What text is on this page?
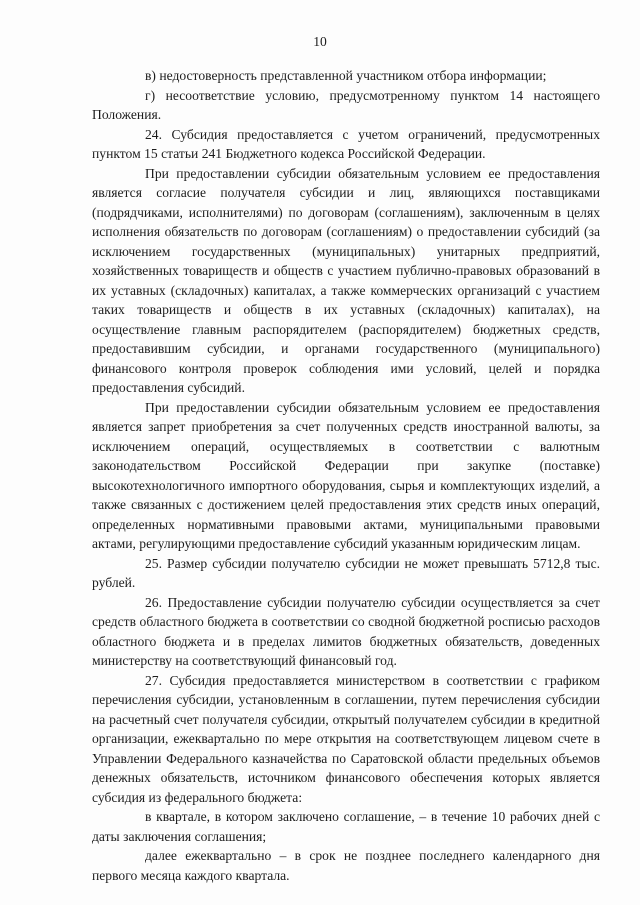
10

в) недостоверность представленной участником отбора информации;

г) несоответствие условию, предусмотренному пунктом 14 настоящего Положения.

24. Субсидия предоставляется с учетом ограничений, предусмотренных пунктом 15 статьи 241 Бюджетного кодекса Российской Федерации.

При предоставлении субсидии обязательным условием ее предоставления является согласие получателя субсидии и лиц, являющихся поставщиками (подрядчиками, исполнителями) по договорам (соглашениям), заключенным в целях исполнения обязательств по договорам (соглашениям) о предоставлении субсидий (за исключением государственных (муниципальных) унитарных предприятий, хозяйственных товариществ и обществ с участием публично-правовых образований в их уставных (складочных) капиталах, а также коммерческих организаций с участием таких товариществ и обществ в их уставных (складочных) капиталах), на осуществление главным распорядителем (распорядителем) бюджетных средств, предоставившим субсидии, и органами государственного (муниципального) финансового контроля проверок соблюдения ими условий, целей и порядка предоставления субсидий.

При предоставлении субсидии обязательным условием ее предоставления является запрет приобретения за счет полученных средств иностранной валюты, за исключением операций, осуществляемых в соответствии с валютным законодательством Российской Федерации при закупке (поставке) высокотехнологичного импортного оборудования, сырья и комплектующих изделий, а также связанных с достижением целей предоставления этих средств иных операций, определенных нормативными правовыми актами, муниципальными правовыми актами, регулирующими предоставление субсидий указанным юридическим лицам.

25. Размер субсидии получателю субсидии не может превышать 5712,8 тыс. рублей.

26. Предоставление субсидии получателю субсидии осуществляется за счет средств областного бюджета в соответствии со сводной бюджетной росписью расходов областного бюджета и в пределах лимитов бюджетных обязательств, доведенных министерству на соответствующий финансовый год.

27. Субсидия предоставляется министерством в соответствии с графиком перечисления субсидии, установленным в соглашении, путем перечисления субсидии на расчетный счет получателя субсидии, открытый получателем субсидии в кредитной организации, ежеквартально по мере открытия на соответствующем лицевом счете в Управлении Федерального казначейства по Саратовской области предельных объемов денежных обязательств, источником финансового обеспечения которых является субсидия из федерального бюджета:

в квартале, в котором заключено соглашение, – в течение 10 рабочих дней с даты заключения соглашения;

далее ежеквартально – в срок не позднее последнего календарного дня первого месяца каждого квартала.
